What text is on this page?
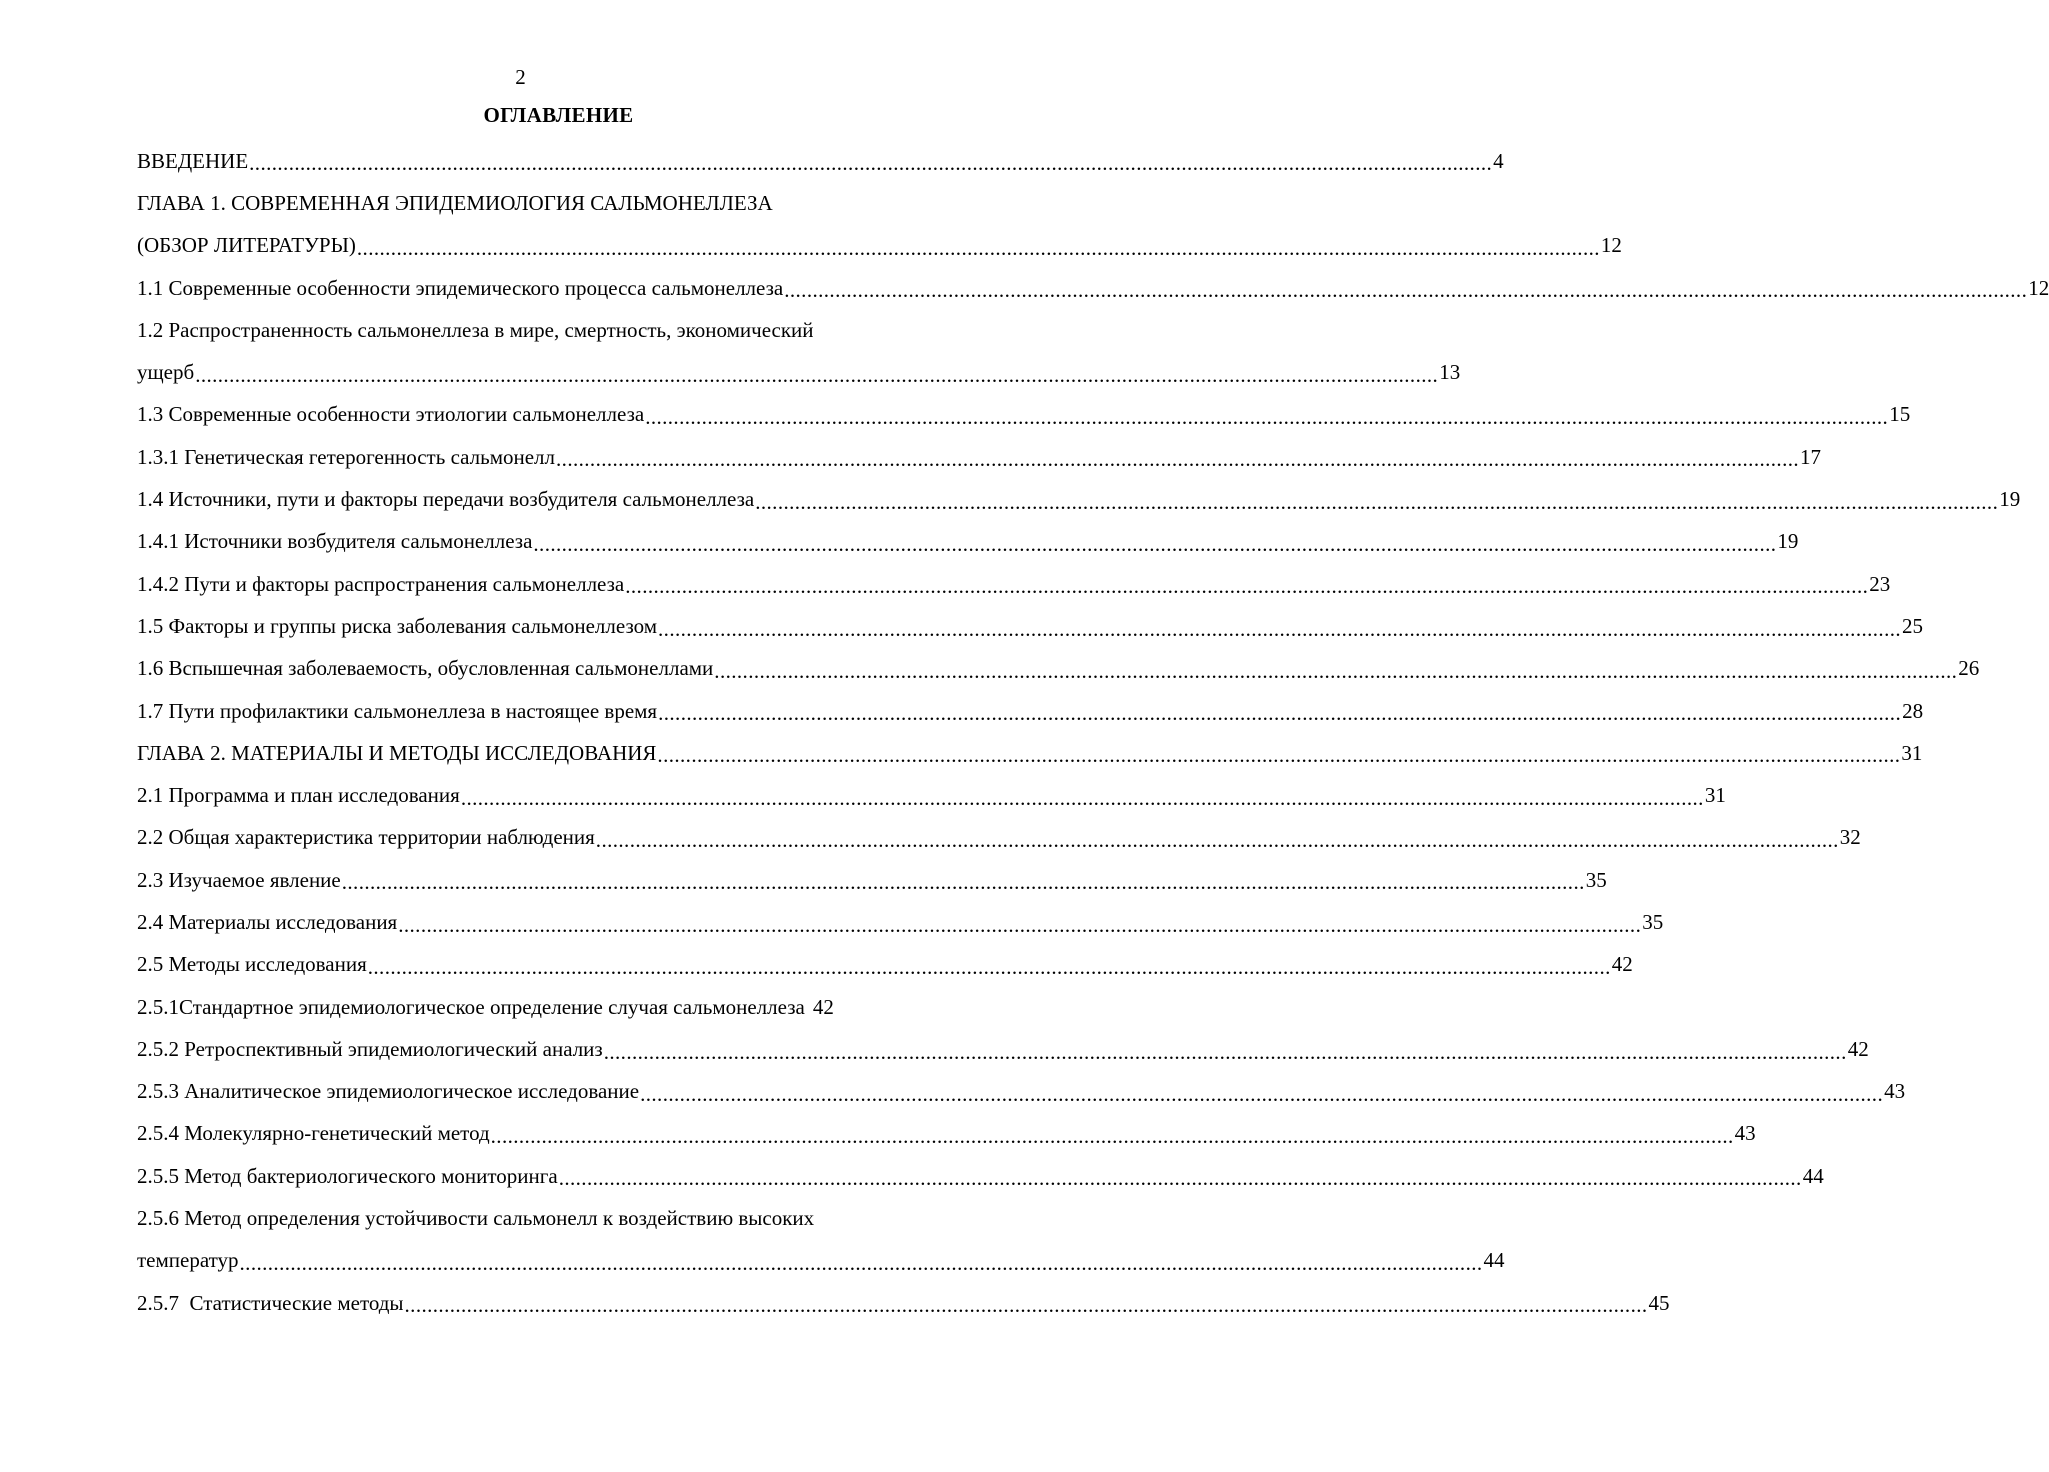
2
ОГЛАВЛЕНИЕ
ВВЕДЕНИЕ ............................................................................................................................................................................................................................ 4
ГЛАВА 1. СОВРЕМЕННАЯ ЭПИДЕМИОЛОГИЯ САЛЬМОНЕЛЛЕЗА
(ОБЗОР ЛИТЕРАТУРЫ) ............................................................................................................................................................................................................................ 12
1.1 Современные особенности эпидемического процесса сальмонеллеза ............................................................................................................................................................................................................................ 12
1.2 Распространенность сальмонеллеза в мире, смертность, экономический
ущерб ............................................................................................................................................................................................................................ 13
1.3 Современные особенности этиологии сальмонеллеза ............................................................................................................................................................................................................................ 15
1.3.1 Генетическая гетерогенность сальмонелл ............................................................................................................................................................................................................................ 17
1.4 Источники, пути и факторы передачи возбудителя сальмонеллеза ............................................................................................................................................................................................................................ 19
1.4.1 Источники возбудителя сальмонеллеза ............................................................................................................................................................................................................................ 19
1.4.2 Пути и факторы распространения сальмонеллеза ............................................................................................................................................................................................................................ 23
1.5 Факторы и группы риска заболевания сальмонеллезом ............................................................................................................................................................................................................................ 25
1.6 Вспышечная заболеваемость, обусловленная сальмонеллами ............................................................................................................................................................................................................................ 26
1.7 Пути профилактики сальмонеллеза в настоящее время ............................................................................................................................................................................................................................ 28
ГЛАВА 2. МАТЕРИАЛЫ И МЕТОДЫ ИССЛЕДОВАНИЯ ............................................................................................................................................................................................................................ 31
2.1 Программа и план исследования ............................................................................................................................................................................................................................ 31
2.2 Общая характеристика территории наблюдения ............................................................................................................................................................................................................................ 32
2.3 Изучаемое явление ............................................................................................................................................................................................................................ 35
2.4 Материалы исследования ............................................................................................................................................................................................................................ 35
2.5 Методы исследования ............................................................................................................................................................................................................................ 42
2.5.1Стандартное эпидемиологическое определение случая сальмонеллеза 42
2.5.2 Ретроспективный эпидемиологический анализ ............................................................................................................................................................................................................................ 42
2.5.3 Аналитическое эпидемиологическое исследование ............................................................................................................................................................................................................................ 43
2.5.4 Молекулярно-генетический метод ............................................................................................................................................................................................................................ 43
2.5.5 Метод бактериологического мониторинга ............................................................................................................................................................................................................................ 44
2.5.6 Метод определения устойчивости сальмонелл к воздействию высоких
температур ............................................................................................................................................................................................................................ 44
2.5.7  Статистические методы ............................................................................................................................................................................................................................ 45
